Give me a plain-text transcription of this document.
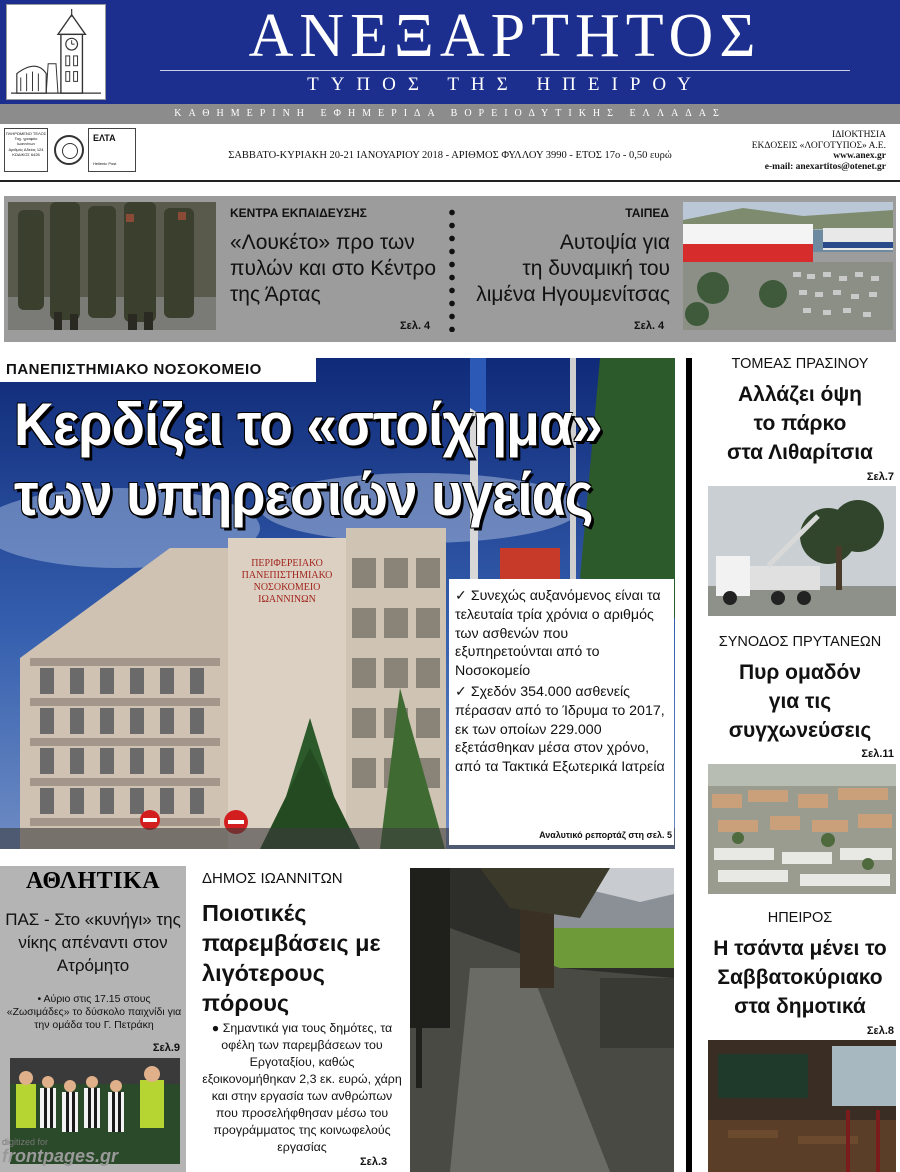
ΑΝΕΞΑΡΤΗΤΟΣ
ΤΥΠΟΣ ΤΗΣ ΗΠΕΙΡΟΥ
ΚΑΘΗΜΕΡΙΝΗ ΕΦΗΜΕΡΙΔΑ ΒΟΡΕΙΟΔΥΤΙΚΗΣ ΕΛΛΑΔΑΣ
ΠΛΗΡΩΜΕΝΟ ΤΕΛΟΣ
Ταχ. γραφείο
Ιωαννίνων
Αριθμός Αδείας 124
ΚΩΔΙΚΟΣ 6426
ΕΛΤΑ
Hellenic Post
ΣΑΒΒΑΤΟ-ΚΥΡΙΑΚΗ 20-21 ΙΑΝΟΥΑΡΙΟΥ 2018 - ΑΡΙΘΜΟΣ ΦΥΛΛΟΥ 3990 - ΕΤΟΣ 17ο - 0,50 ευρώ
ΙΔΙΟΚΤΗΣΙΑ
ΕΚΔΟΣΕΙΣ «ΛΟΓΟΤΥΠΟΣ» Α.Ε.
www.anex.gr
e-mail: anexartitos@otenet.gr
ΚΕΝΤΡΑ ΕΚΠΑΙΔΕΥΣΗΣ
«Λουκέτο» προ των
πυλών και στο Κέντρο
της Άρτας
Σελ. 4
ΤΑΙΠΕΔ
Αυτοψία για
τη δυναμική του
λιμένα Ηγουμενίτσας
Σελ. 4
ΠΕΡΙΦΕΡΕΙΑΚΟ
ΠΑΝΕΠΙΣΤΗΜΙΑΚΟ
ΝΟΣΟΚΟΜΕΙΟ
ΙΩΑΝΝΙΝΩΝ
ΠΑΝΕΠΙΣΤΗΜΙΑΚΟ ΝΟΣΟΚΟΜΕΙΟ
Κερδίζει το «στοίχημα»
των υπηρεσιών υγείας
✓ Συνεχώς αυξανόμενος είναι τα τελευταία τρία χρόνια ο αριθμός των ασθενών που εξυπηρετούνται από το Νοσοκομείο
✓ Σχεδόν 354.000 ασθενείς πέρασαν από το Ίδρυμα το 2017, εκ των οποίων 229.000 εξετάσθηκαν μέσα στον χρόνο, από τα Τακτικά Εξωτερικά Ιατρεία
Αναλυτικό ρεπορτάζ στη σελ. 5
ΤΟΜΕΑΣ ΠΡΑΣΙΝΟΥ
Αλλάζει όψη
το πάρκο
στα Λιθαρίτσια
Σελ.7
ΣΥΝΟΔΟΣ ΠΡΥΤΑΝΕΩΝ
Πυρ ομαδόν
για τις
συγχωνεύσεις
Σελ.11
ΗΠΕΙΡΟΣ
Η τσάντα μένει το
Σαββατοκύριακο
στα δημοτικά
Σελ.8
ΑΘΛΗΤΙΚΑ
ΠΑΣ - Στο «κυνήγι» της νίκης απέναντι στον Ατρόμητο
• Αύριο στις 17.15 στους «Ζωσιμάδες» το δύσκολο παιχνίδι για την ομάδα του Γ. Πετράκη
Σελ.9
ΔΗΜΟΣ ΙΩΑΝΝΙΤΩΝ
Ποιοτικές παρεμβάσεις με λιγότερους πόρους
● Σημαντικά για τους δημότες, τα οφέλη των παρεμβάσεων του Εργοταξίου, καθώς εξοικονομήθηκαν 2,3 εκ. ευρώ, χάρη και στην εργασία των ανθρώπων που προσελήφθησαν μέσω του προγράμματος της κοινωφελούς εργασίας
Σελ.3
digitized for
frontpages.gr
